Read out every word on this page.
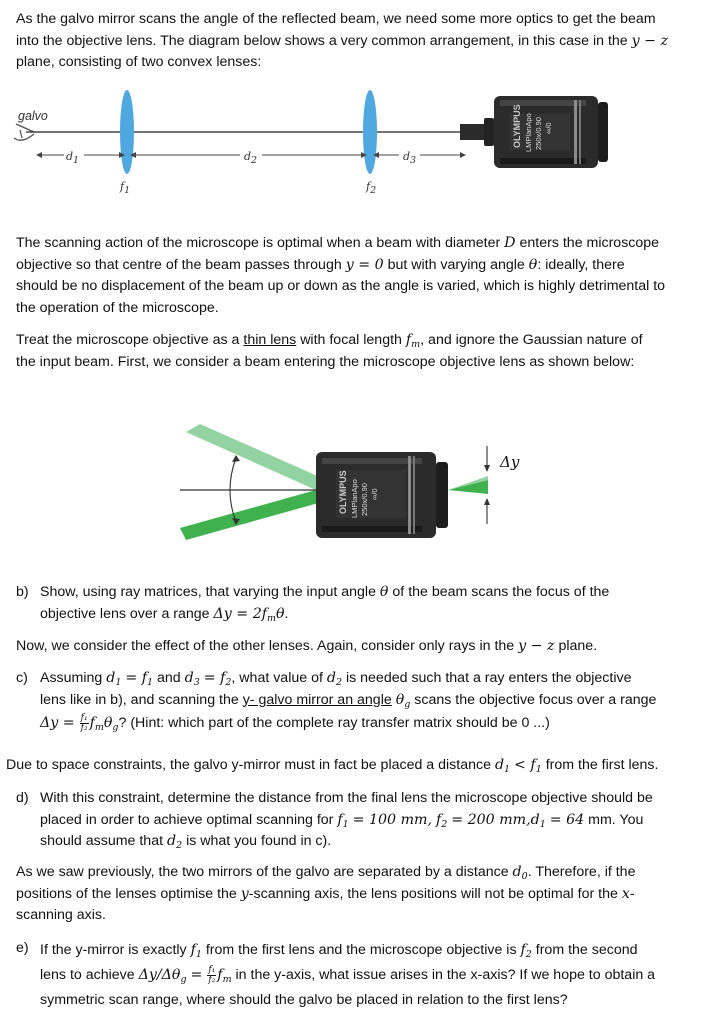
As the galvo mirror scans the angle of the reflected beam, we need some more optics to get the beam
into the objective lens. The diagram below shows a very common arrangement, in this case in the y − z
plane, consisting of two convex lenses:
galvo
$d_1$	$d_2$	$d_3$
$f_1$	$f_2$
OLYMPUS LMPlanApo 250x/0.90 ∞/0
The scanning action of the microscope is optimal when a beam with diameter D enters the microscope
objective so that centre of the beam passes through y = 0 but with varying angle θ: ideally, there
should be no displacement of the beam up or down as the angle is varied, which is highly detrimental to
the operation of the microscope.
Treat the microscope objective as a thin lens with focal length $f_m$, and ignore the Gaussian nature of
the input beam. First, we consider a beam entering the microscope objective lens as shown below:
Δy
OLYMPUS LMPlanApo 250x/0.90 ∞/0
b) Show, using ray matrices, that varying the input angle θ of the beam scans the focus of the
objective lens over a range $\Delta y = 2f_m\theta$.
Now, we consider the effect of the other lenses. Again, consider only rays in the y − z plane.
c) Assuming $d_1 = f_1$ and $d_3 = f_2$, what value of $d_2$ is needed such that a ray enters the objective
lens like in b), and scanning the y- galvo mirror an angle $\theta_g$ scans the objective focus over a range
$\Delta y = \frac{\text{f₁}}{\text{f₂}} f_m\theta_g$? (Hint: which part of the complete ray transfer matrix should be 0 ...)
Due to space constraints, the galvo y-mirror must in fact be placed a distance $d_1 < f_1$ from the first lens.
d) With this constraint, determine the distance from the final lens the microscope objective should be
placed in order to achieve optimal scanning for $f_1 = 100$ mm, $f_2 = 200$ $mm,d_1 = 64$ mm. You
should assume that $d_2$ is what you found in c).
As we saw previously, the two mirrors of the galvo are separated by a distance $d_0$. Therefore, if the
positions of the lenses optimise the y-scanning axis, the lens positions will not be optimal for the x-
scanning axis.
e) If the y-mirror is exactly $f_1$ from the first lens and the microscope objective is $f_2$ from the second
lens to achieve $\Delta y/\Delta\theta_g = \frac{\text{f₁}}{\text{f₂}} f_m$ in the y-axis, what issue arises in the x-axis? If we hope to obtain a
symmetric scan range, where should the galvo be placed in relation to the first lens?
